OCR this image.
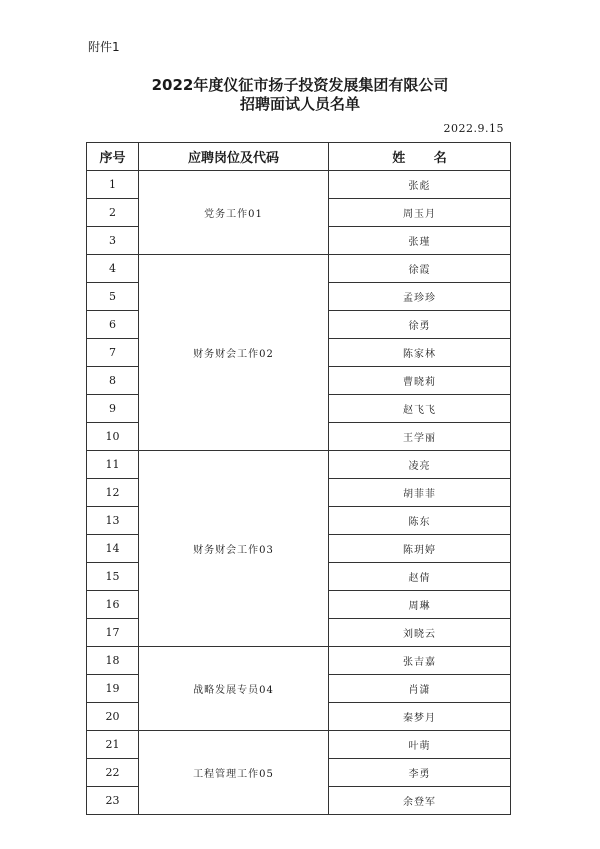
附件1
2022年度仪征市扬子投资发展集团有限公司
招聘面试人员名单
2022.9.15
序号	应聘岗位及代码	姓 名
1	党务工作01	张彪
2		周玉月
3		张瑾
4	财务财会工作02	徐霞
5		孟珍珍
6		徐勇
7		陈家林
8		曹晓莉
9		赵飞飞
10		王学丽
11	财务财会工作03	凌亮
12		胡菲菲
13		陈东
14		陈玥婷
15		赵倩
16		周琳
17		刘晓云
18	战略发展专员04	张吉嘉
19		肖潇
20		秦梦月
21	工程管理工作05	叶萌
22		李勇
23		余登军
